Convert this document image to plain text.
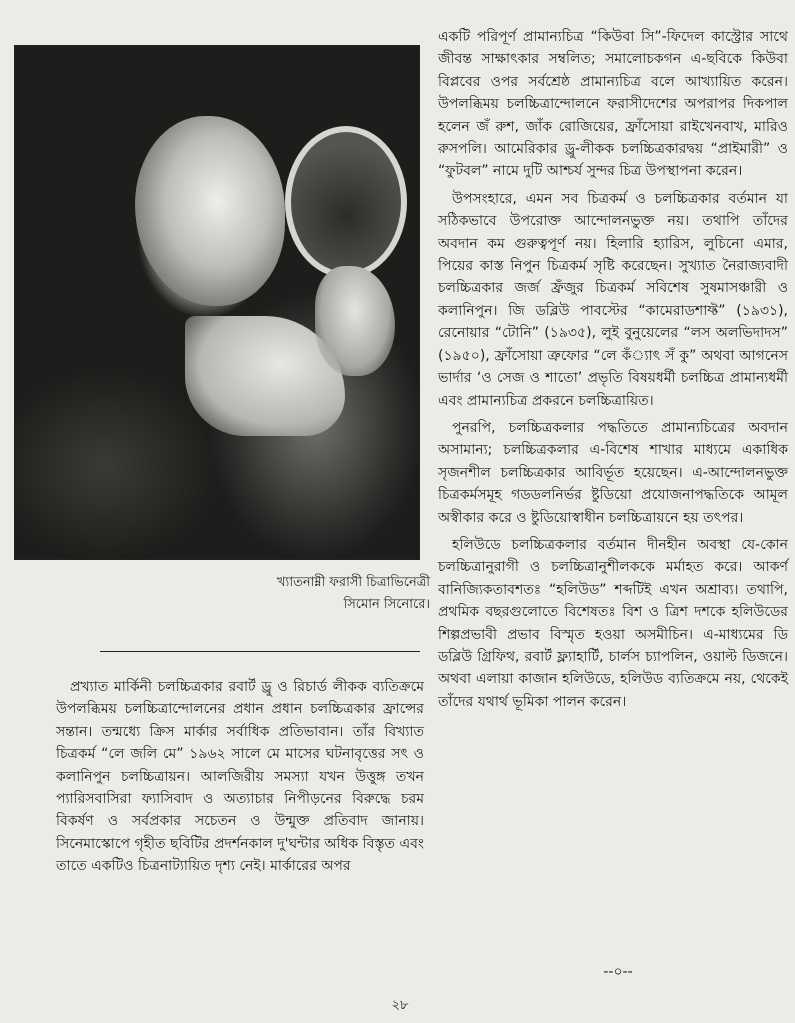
খ্যাতনাম্নী ফরাসী চিত্রাভিনেত্রী
সিমোন সিনোরে।

প্রখ্যাত মার্কিনী চলচ্চিত্রকার রবার্ট ড্রু ও রিচার্ড লীকক ব্যতিক্রমে উপলব্ধিময় চলচ্চিত্রান্দোলনের প্রধান প্রধান চলচ্চিত্রকার ফ্রান্সের সন্তান। তন্মধ্যে ক্রিস মার্কার সর্বাধিক প্রতিভাবান। তাঁর বিখ্যাত চিত্রকর্ম “লে জলি মে” ১৯৬২ সালে মে মাসের ঘটনাবৃত্তের সৎ ও কলানিপুন চলচ্চিত্রায়ন। আলজিরীয় সমস্যা যখন উত্তুঙ্গ তখন প্যারিসবাসিরা ফ্যাসিবাদ ও অত্যাচার নিপীড়নের বিরুদ্ধে চরম বিকর্ষণ ও সর্বপ্রকার সচেতন ও উন্মুক্ত প্রতিবাদ জানায়। সিনেমাস্কোপে গৃহীত ছবিটির প্রদর্শনকাল দু'ঘন্টার অধিক বিস্তৃত এবং তাতে একটিও চিত্রনাট্যায়িত দৃশ্য নেই। মার্কারের অপর

একটি পরিপূর্ণ প্রামান্যচিত্র “কিউবা সি”-ফিদেল কাস্ট্রোর সাথে জীবন্ত সাক্ষাৎকার সম্বলিত; সমালোচকগন এ-ছবিকে কিউবা বিপ্লবের ওপর সর্বশ্রেষ্ঠ প্রামান্যচিত্র বলে আখ্যায়িত করেন। উপলব্ধিময় চলচ্চিত্রান্দোলনে ফরাসীদেশের অপরাপর দিকপাল হলেন জঁ রুশ, জাঁক রোজিয়ের, ফ্রাঁসোয়া রাইখেনবাখ, মারিও রুসপলি। আমেরিকার ড্রু-লীকক চলচ্চিত্রকারদ্বয় “প্রাইমারী” ও “ফুটবল” নামে দুটি আশ্চর্য সুন্দর চিত্র উপস্থাপনা করেন।

উপসংহারে, এমন সব চিত্রকর্ম ও চলচ্চিত্রকার বর্তমান যা সঠিকভাবে উপরোক্ত আন্দোলনভুক্ত নয়। তথাপি তাঁদের অবদান কম গুরুত্বপূর্ণ নয়। হিলারি হ্যারিস, লুচিনো এমার, পিয়ের কাস্ত নিপুন চিত্রকর্ম সৃষ্টি করেছেন। সুখ্যাত নৈরাজ্যবাদী চলচ্চিত্রকার জর্জ ফ্রঁজুর চিত্রকর্ম সবিশেষ সুষমাসঞ্চারী ও কলানিপুন। জি ডব্লিউ পাবস্টের “কামেরাডশাফ্ট” (১৯৩১), রেনোয়ার “টোনি” (১৯৩৫), লুই বুনুয়েলের “লস অলভিদাদস” (১৯৫০), ফ্রাঁসোয়া ত্রুফোর “লে কঁ্যাৎ সঁ কু” অথবা আগনেস ভার্দার ‘ও সেজ ও শাতো’ প্রভৃতি বিষয়ধর্মী চলচ্চিত্র প্রামান্যধর্মী এবং প্রামান্যচিত্র প্রকরনে চলচ্চিত্রায়িত।

পুনরপি, চলচ্চিত্রকলার পদ্ধতিতে প্রামান্যচিত্রের অবদান অসামান্য; চলচ্চিত্রকলার এ-বিশেষ শাখার মাধ্যমে একাধিক সৃজনশীল চলচ্চিত্রকার আবির্ভূত হয়েছেন। এ-আন্দোলনভুক্ত চিত্রকর্মসমূহ গডডলনির্ভর ষ্টুডিয়ো প্রযোজনাপদ্ধতিকে আমূল অস্বীকার করে ও ষ্টুডিয়োস্বাধীন চলচ্চিত্রায়নে হয় তৎপর।

হলিউডে চলচ্চিত্রকলার বর্তমান দীনহীন অবস্থা যে-কোন চলচ্চিত্রানুরাগী ও চলচ্চিত্রানুশীলককে মর্মাহত করে। আকর্ণ বানিজ্যিকতাবশতঃ “হলিউড” শব্দটিই এখন অশ্রাব্য। তথাপি, প্রথমিক বছরগুলোতে বিশেষতঃ বিশ ও ত্রিশ দশকে হলিউডের শিল্পপ্রভাবী প্রভাব বিস্মৃত হওয়া অসমীচিন। এ-মাধ্যমের ডি ডব্লিউ গ্রিফিথ, রবার্ট ফ্ল্যাহার্টি, চার্লস চ্যাপলিন, ওয়াল্ট ডিজনে। অথবা এলায়া কাজান হলিউডে, হলিউড ব্যতিক্রমে নয়, থেকেই তাঁদের যথার্থ ভূমিকা পালন করেন।

--০--
২৮
